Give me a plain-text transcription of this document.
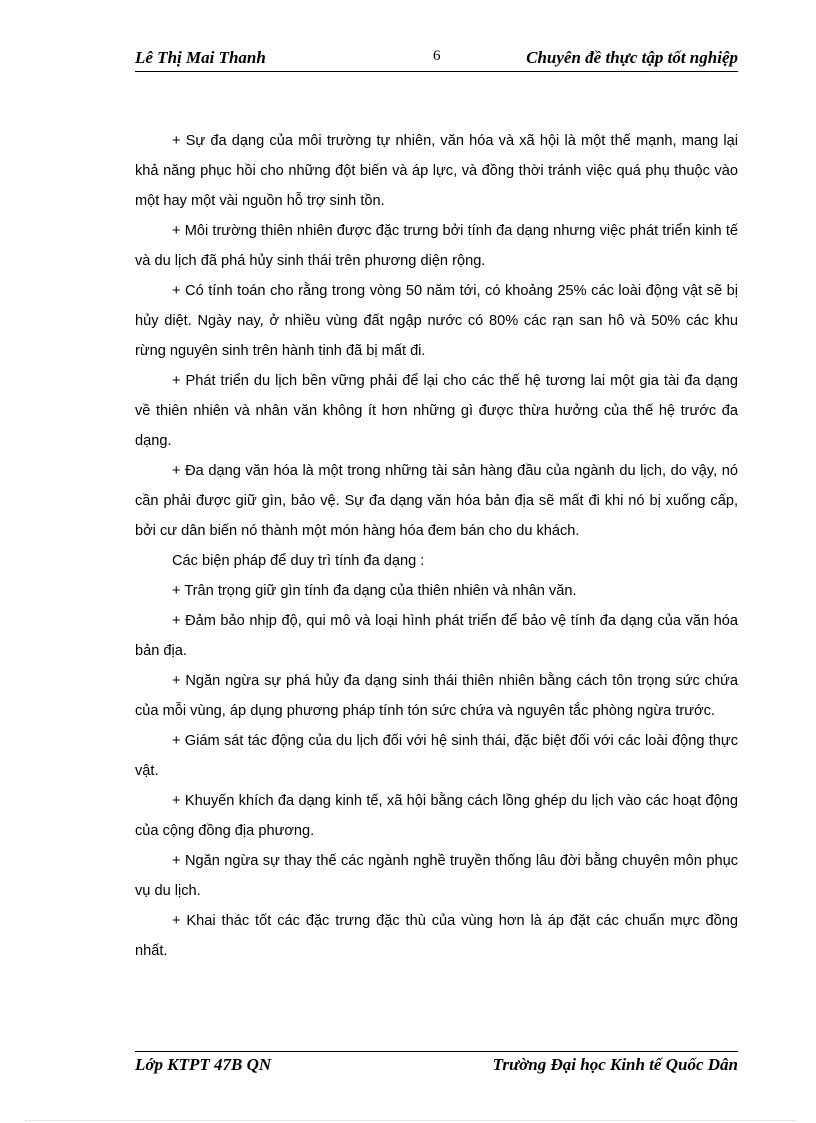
Lê Thị Mai Thanh	6	Chuyên đề thực tập tốt nghiệp

+ Sự đa dạng của môi trường tự nhiên, văn hóa và xã hội là một thế mạnh, mang lại khả năng phục hồi cho những đột biến và áp lực, và đồng thời tránh việc quá phụ thuộc vào một hay một vài nguồn hỗ trợ sinh tồn.

+ Môi trường thiên nhiên được đặc trưng bởi tính đa dạng nhưng việc phát triển kinh tế và du lịch đã phá hủy sinh thái trên phương diện rộng.

+ Có tính toán cho rằng trong vòng 50 năm tới, có khoảng 25% các loài động vật sẽ bị hủy diệt. Ngày nay, ở nhiều vùng đất ngập nước có 80% các rạn san hô và 50% các khu rừng nguyên sinh trên hành tinh đã bị mất đi.

+ Phát triển du lịch bền vững phải để lại cho các thế hệ tương lai một gia tài đa dạng về thiên nhiên và nhân văn không ít hơn những gì được thừa hưởng của thế hệ trước đa dạng.

+ Đa dạng văn hóa là một trong những tài sản hàng đầu của ngành du lịch, do vậy, nó cần phải được giữ gìn, bảo vệ. Sự đa dạng văn hóa bản địa sẽ mất đi khi nó bị xuống cấp, bởi cư dân biến nó thành một món hàng hóa đem bán cho du khách.

Các biện pháp để duy trì tính đa dạng :

+ Trân trọng giữ gìn tính đa dạng của thiên nhiên và nhân văn.

+ Đảm bảo nhịp độ, qui mô và loại hình phát triển để bảo vệ tính đa dạng của văn hóa bản địa.

+ Ngăn ngừa sự phá hủy đa dạng sinh thái thiên nhiên bằng cách tôn trọng sức chứa của mỗi vùng, áp dụng phương pháp tính tón sức chứa và nguyên tắc phòng ngừa trước.

+ Giám sát tác động của du lịch đối với hệ sinh thái, đặc biệt đối với các loài động thực vật.

+ Khuyến khích đa dạng kinh tế, xã hội bằng cách lồng ghép du lịch vào các hoạt động của cộng đồng địa phương.

+ Ngăn ngừa sự thay thế các ngành nghề truyền thống lâu đời bằng chuyên môn phục vụ du lịch.

+ Khai thác tốt các đặc trưng đặc thù của vùng hơn là áp đặt các chuẩn mực đồng nhất.

Lớp KTPT 47B QN	Trường Đại học Kinh tế Quốc Dân
